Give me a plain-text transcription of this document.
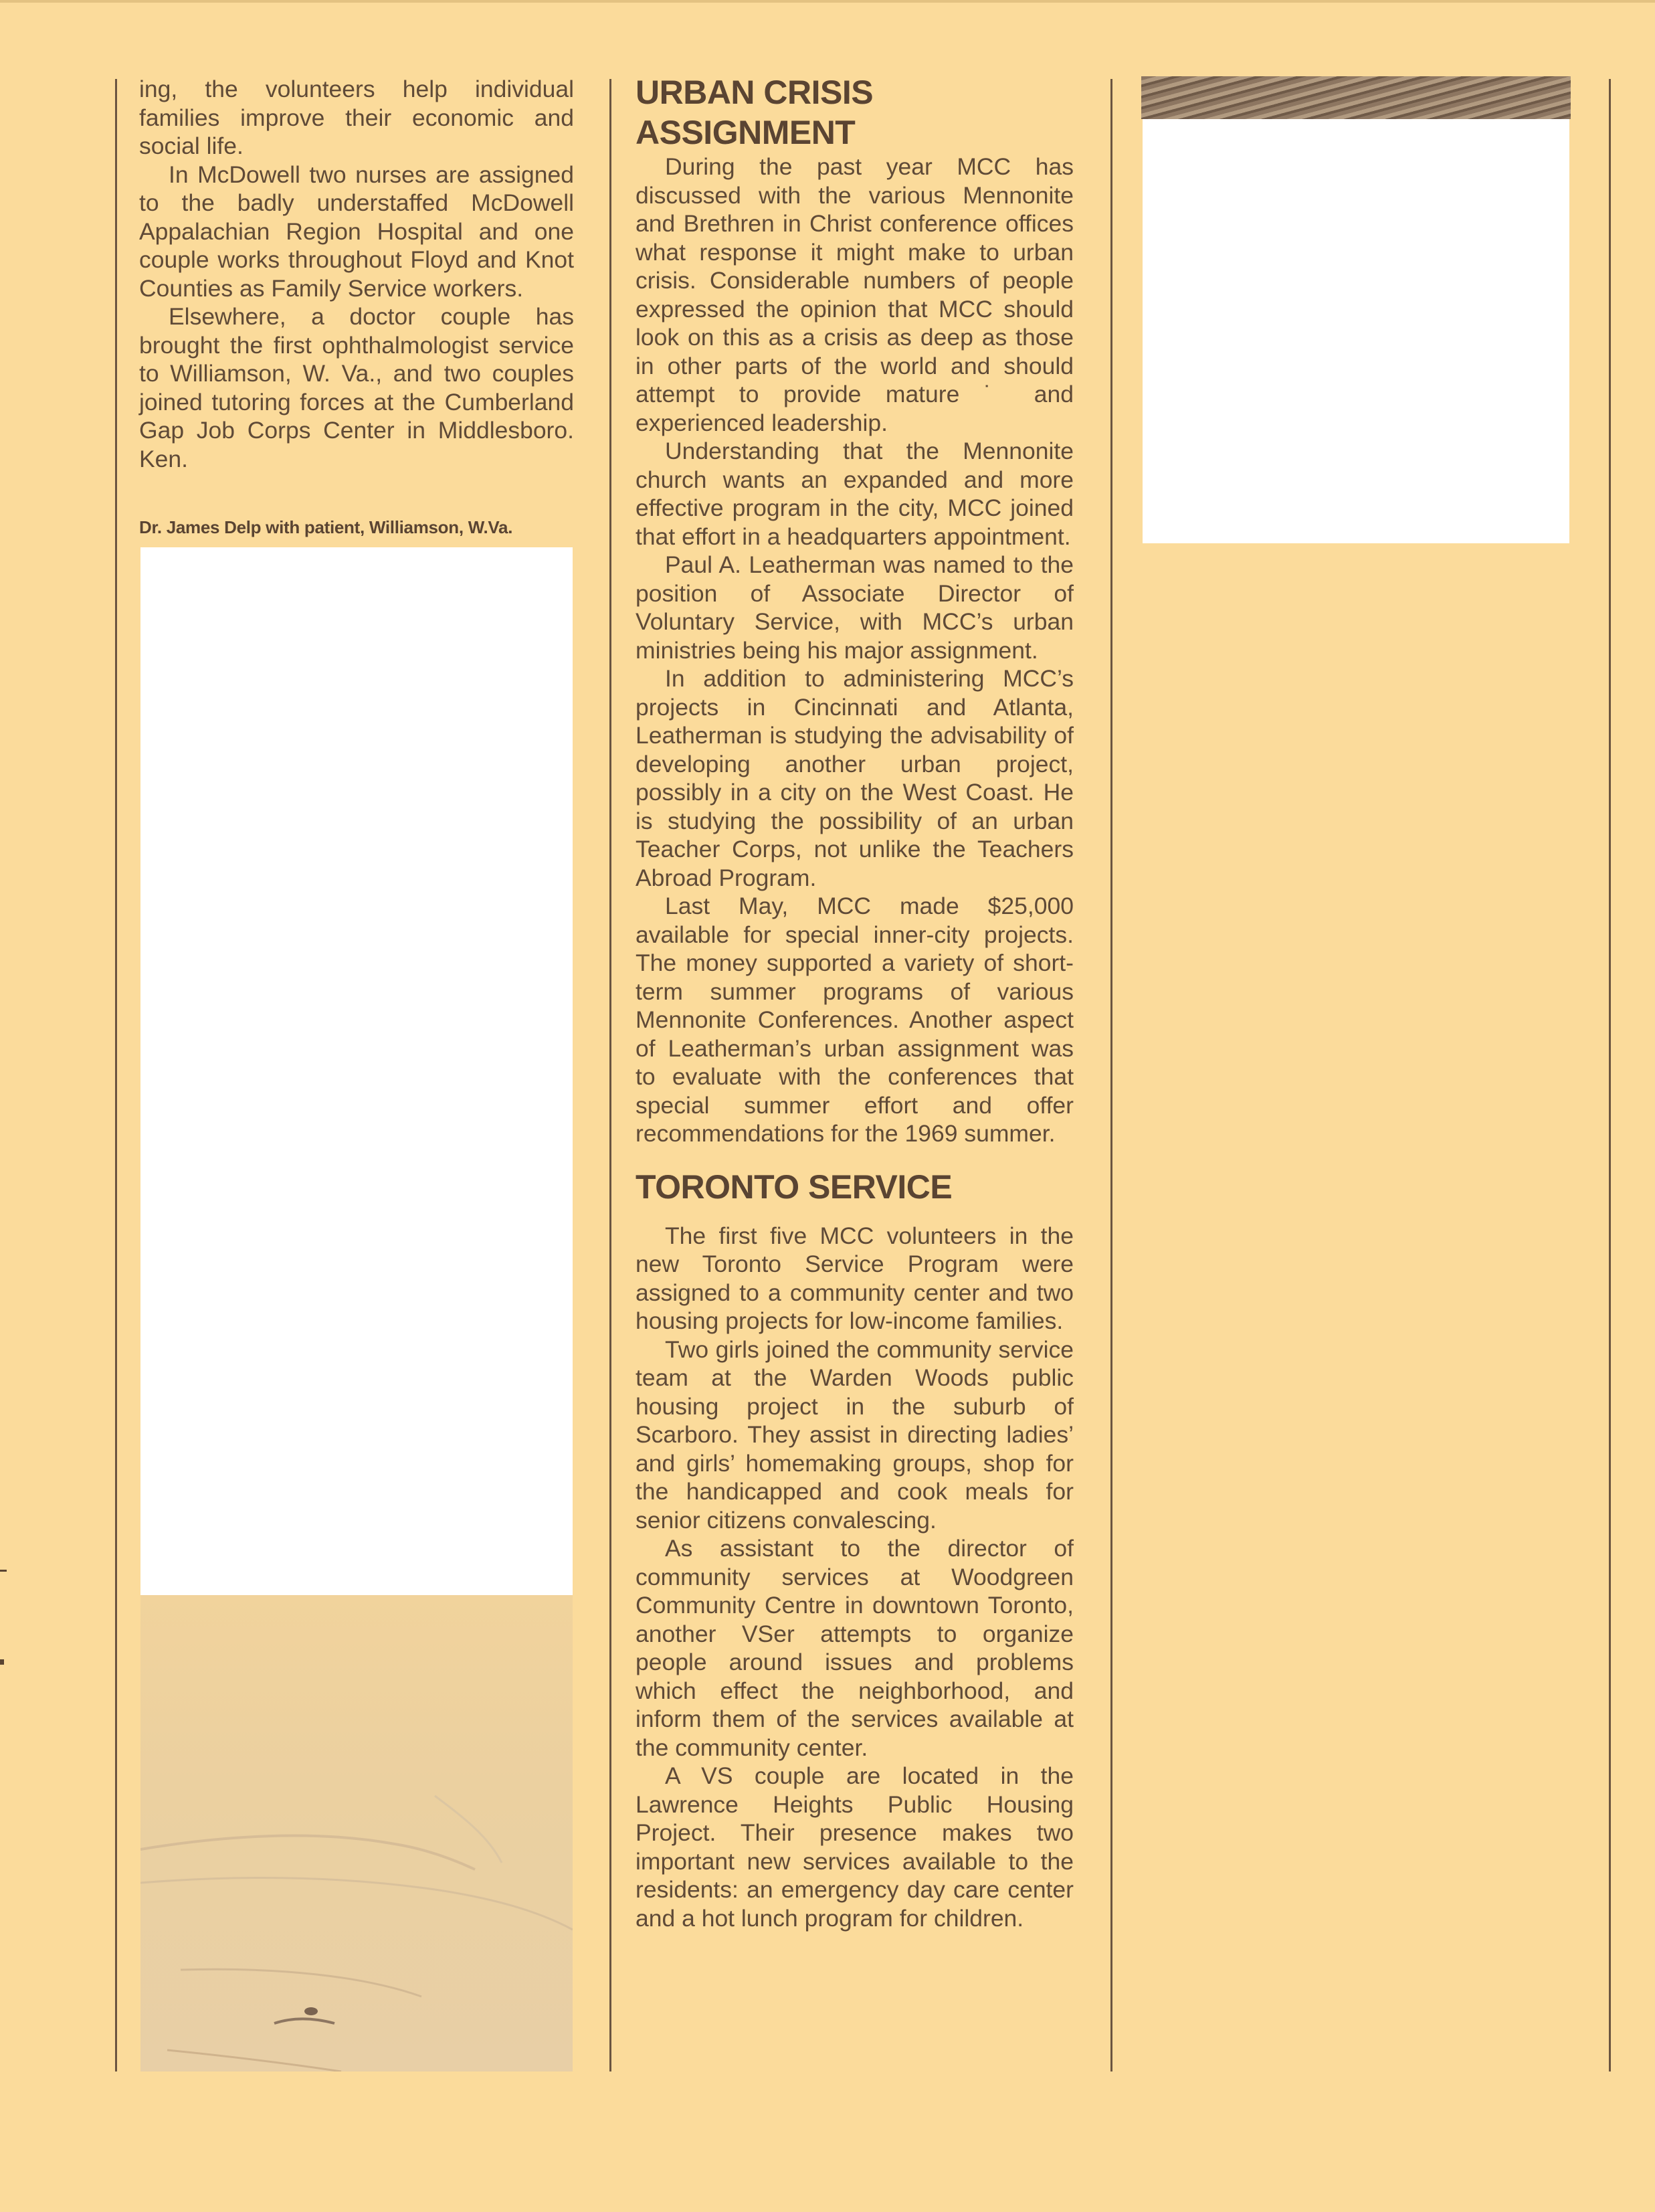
ing, the volunteers help individual families improve their economic and social life.

In McDowell two nurses are assigned to the badly understaffed McDowell Appalachian Region Hospital and one couple works throughout Floyd and Knot Counties as Family Service workers.

Elsewhere, a doctor couple has brought the first ophthalmologist service to Williamson, W. Va., and two couples joined tutoring forces at the Cumberland Gap Job Corps Center in Middlesboro. Ken.

Dr. James Delp with patient, Williamson, W.Va.

URBAN CRISIS ASSIGNMENT

During the past year MCC has discussed with the various Mennonite and Brethren in Christ conference offices what response it might make to urban crisis. Considerable numbers of people expressed the opinion that MCC should look on this as a crisis as deep as those in other parts of the world and should attempt to provide mature ˙ and experienced leadership.

Understanding that the Mennonite church wants an expanded and more effective program in the city, MCC joined that effort in a headquarters appointment.

Paul A. Leatherman was named to the position of Associate Director of Voluntary Service, with MCC’s urban ministries being his major assignment.

In addition to administering MCC’s projects in Cincinnati and Atlanta, Leatherman is studying the advisability of developing another urban project, possibly in a city on the West Coast. He is studying the possibility of an urban Teacher Corps, not unlike the Teachers Abroad Program.

Last May, MCC made $25,000 available for special inner-city projects. The money supported a variety of short-term summer programs of various Mennonite Conferences. Another aspect of Leatherman’s urban assignment was to evaluate with the conferences that special summer effort and offer recommendations for the 1969 summer.

TORONTO SERVICE

The first five MCC volunteers in the new Toronto Service Program were assigned to a community center and two housing projects for low-income families.

Two girls joined the community service team at the Warden Woods public housing project in the suburb of Scarboro. They assist in directing ladies’ and girls’ homemaking groups, shop for the handicapped and cook meals for senior citizens convalescing.

As assistant to the director of community services at Woodgreen Community Centre in downtown Toronto, another VSer attempts to organize people around issues and problems which effect the neighborhood, and inform them of the services available at the community center.

A VS couple are located in the Lawrence Heights Public Housing Project. Their presence makes two important new services available to the residents: an emergency day care center and a hot lunch program for children.
